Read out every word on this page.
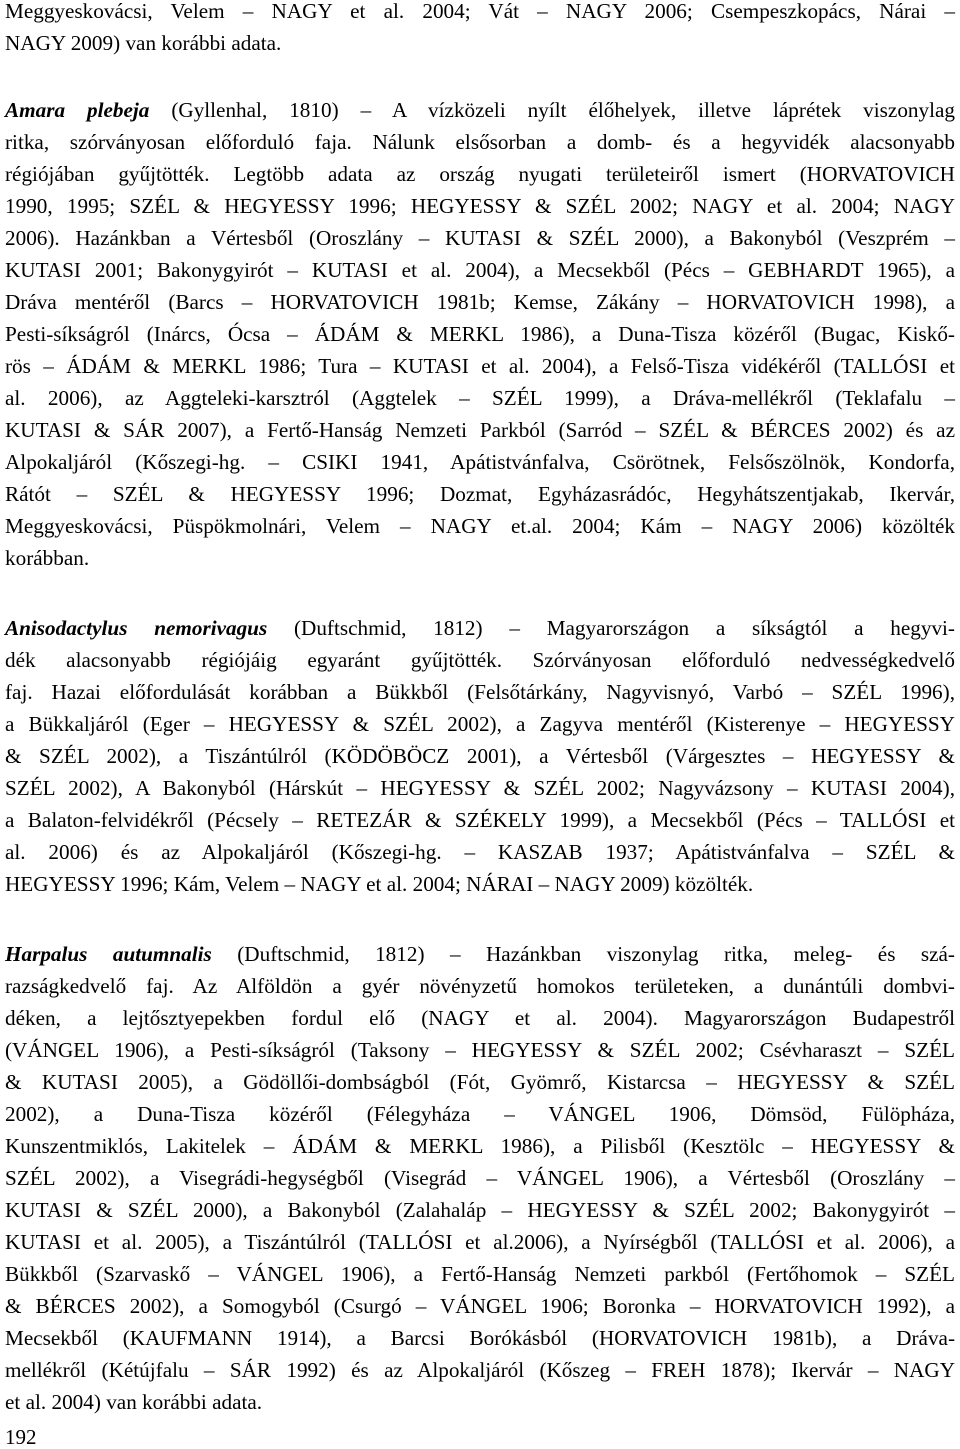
Meggyeskovácsi, Velem – NAGY et al. 2004; Vát – NAGY 2006; Csempeszkopács, Nárai –
NAGY 2009) van korábbi adata.
Amara plebeja (Gyllenhal, 1810) – A vízközeli nyílt élőhelyek, illetve láprétek viszonylag
ritka, szórványosan előforduló faja. Nálunk elsősorban a domb- és a hegyvidék alacsonyabb
régiójában gyűjtötték. Legtöbb adata az ország nyugati területeiről ismert (HORVATOVICH
1990, 1995; SZÉL & HEGYESSY 1996; HEGYESSY & SZÉL 2002; NAGY et al. 2004; NAGY
2006). Hazánkban a Vértesből (Oroszlány – KUTASI & SZÉL 2000), a Bakonyból (Veszprém –
KUTASI 2001; Bakonygyirót – KUTASI et al. 2004), a Mecsekből (Pécs – GEBHARDT 1965), a
Dráva mentéről (Barcs – HORVATOVICH 1981b; Kemse, Zákány – HORVATOVICH 1998), a
Pesti-síkságról (Inárcs, Ócsa – ÁDÁM & MERKL 1986), a Duna-Tisza közéről (Bugac, Kiskő-
rös – ÁDÁM & MERKL 1986; Tura – KUTASI et al. 2004), a Felső-Tisza vidékéről (TALLÓSI et
al. 2006), az Aggteleki-karsztról (Aggtelek – SZÉL 1999), a Dráva-mellékről (Teklafalu –
KUTASI & SÁR 2007), a Fertő-Hanság Nemzeti Parkból (Sarród – SZÉL & BÉRCES 2002) és az
Alpokaljáról (Kőszegi-hg. – CSIKI 1941, Apátistvánfalva, Csörötnek, Felsőszölnök, Kondorfa,
Rátót – SZÉL & HEGYESSY 1996; Dozmat, Egyházasrádóc, Hegyhátszentjakab, Ikervár,
Meggyeskovácsi, Püspökmolnári, Velem – NAGY et.al. 2004; Kám – NAGY 2006) közölték
korábban.
Anisodactylus nemorivagus (Duftschmid, 1812) – Magyarországon a síkságtól a hegyvi-
dék alacsonyabb régiójáig egyaránt gyűjtötték. Szórványosan előforduló nedvességkedvelő
faj. Hazai előfordulását korábban a Bükkből (Felsőtárkány, Nagyvisnyó, Varbó – SZÉL 1996),
a Bükkaljáról (Eger – HEGYESSY & SZÉL 2002), a Zagyva mentéről (Kisterenye – HEGYESSY
& SZÉL 2002), a Tiszántúlról (KÖDÖBÖCZ 2001), a Vértesből (Várgesztes – HEGYESSY &
SZÉL 2002), A Bakonyból (Hárskút – HEGYESSY & SZÉL 2002; Nagyvázsony – KUTASI 2004),
a Balaton-felvidékről (Pécsely – RETEZÁR & SZÉKELY 1999), a Mecsekből (Pécs – TALLÓSI et
al. 2006) és az Alpokaljáról (Kőszegi-hg. – KASZAB 1937; Apátistvánfalva – SZÉL &
HEGYESSY 1996; Kám, Velem – NAGY et al. 2004; NÁRAI – NAGY 2009) közölték.
Harpalus autumnalis (Duftschmid, 1812) – Hazánkban viszonylag ritka, meleg- és szá-
razságkedvelő faj. Az Alföldön a gyér növényzetű homokos területeken, a dunántúli dombvi-
déken, a lejtősztyepekben fordul elő (NAGY et al. 2004). Magyarországon Budapestről
(VÁNGEL 1906), a Pesti-síkságról (Taksony – HEGYESSY & SZÉL 2002; Csévharaszt – SZÉL
& KUTASI 2005), a Gödöllői-dombságból (Fót, Gyömrő, Kistarcsa – HEGYESSY & SZÉL
2002), a Duna-Tisza közéről (Félegyháza – VÁNGEL 1906, Dömsöd, Fülöpháza,
Kunszentmiklós, Lakitelek – ÁDÁM & MERKL 1986), a Pilisből (Kesztölc – HEGYESSY &
SZÉL 2002), a Visegrádi-hegységből (Visegrád – VÁNGEL 1906), a Vértesből (Oroszlány –
KUTASI & SZÉL 2000), a Bakonyból (Zalahaláp – HEGYESSY & SZÉL 2002; Bakonygyirót –
KUTASI et al. 2005), a Tiszántúlról (TALLÓSI et al.2006), a Nyírségből (TALLÓSI et al. 2006), a
Bükkből (Szarvaskő – VÁNGEL 1906), a Fertő-Hanság Nemzeti parkból (Fertőhomok – SZÉL
& BÉRCES 2002), a Somogyból (Csurgó – VÁNGEL 1906; Boronka – HORVATOVICH 1992), a
Mecsekből (KAUFMANN 1914), a Barcsi Borókásból (HORVATOVICH 1981b), a Dráva-
mellékről (Kétújfalu – SÁR 1992) és az Alpokaljáról (Kőszeg – FREH 1878); Ikervár – NAGY
et al. 2004) van korábbi adata.
192
